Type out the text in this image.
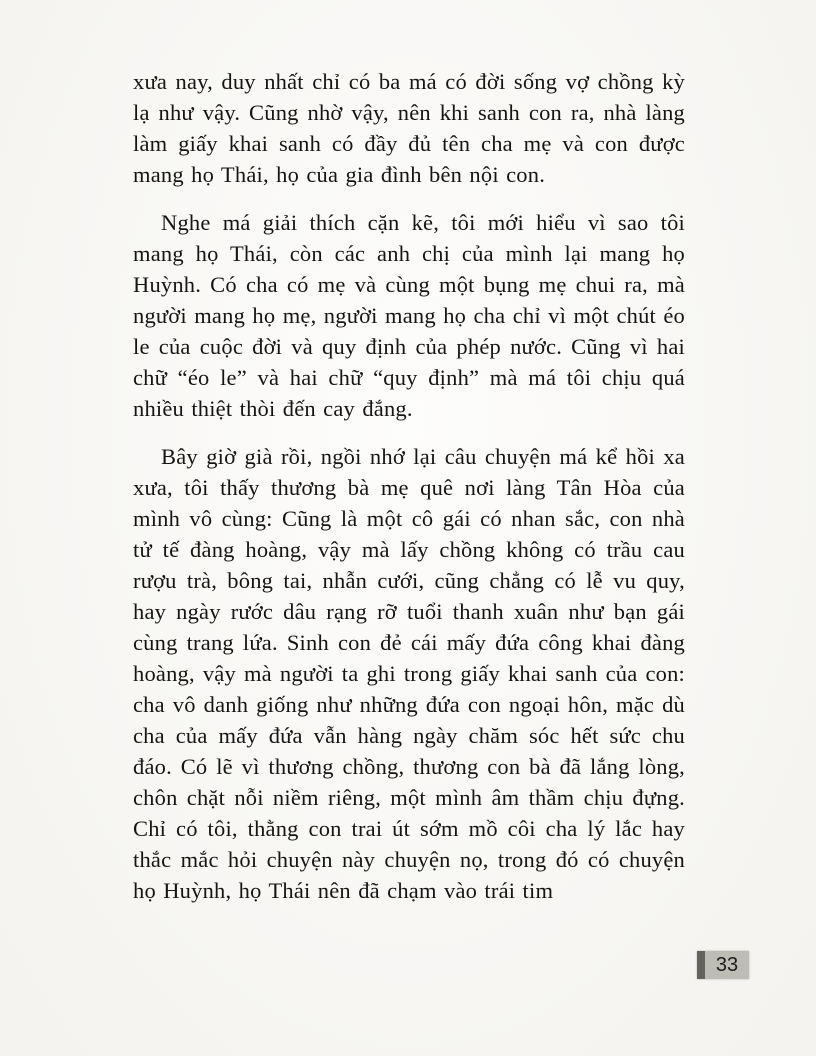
xưa nay, duy nhất chỉ có ba má có đời sống vợ chồng kỳ lạ như vậy. Cũng nhờ vậy, nên khi sanh con ra, nhà làng làm giấy khai sanh có đầy đủ tên cha mẹ và con được mang họ Thái, họ của gia đình bên nội con.

Nghe má giải thích cặn kẽ, tôi mới hiểu vì sao tôi mang họ Thái, còn các anh chị của mình lại mang họ Huỳnh. Có cha có mẹ và cùng một bụng mẹ chui ra, mà người mang họ mẹ, người mang họ cha chỉ vì một chút éo le của cuộc đời và quy định của phép nước. Cũng vì hai chữ “éo le” và hai chữ “quy định” mà má tôi chịu quá nhiều thiệt thòi đến cay đắng.

Bây giờ già rồi, ngồi nhớ lại câu chuyện má kể hồi xa xưa, tôi thấy thương bà mẹ quê nơi làng Tân Hòa của mình vô cùng: Cũng là một cô gái có nhan sắc, con nhà tử tế đàng hoàng, vậy mà lấy chồng không có trầu cau rượu trà, bông tai, nhẫn cưới, cũng chẳng có lễ vu quy, hay ngày rước dâu rạng rỡ tuổi thanh xuân như bạn gái cùng trang lứa. Sinh con đẻ cái mấy đứa công khai đàng hoàng, vậy mà người ta ghi trong giấy khai sanh của con: cha vô danh giống như những đứa con ngoại hôn, mặc dù cha của mấy đứa vẫn hàng ngày chăm sóc hết sức chu đáo. Có lẽ vì thương chồng, thương con bà đã lắng lòng, chôn chặt nỗi niềm riêng, một mình âm thầm chịu đựng. Chỉ có tôi, thằng con trai út sớm mồ côi cha lý lắc hay thắc mắc hỏi chuyện này chuyện nọ, trong đó có chuyện họ Huỳnh, họ Thái nên đã chạm vào trái tim

33
